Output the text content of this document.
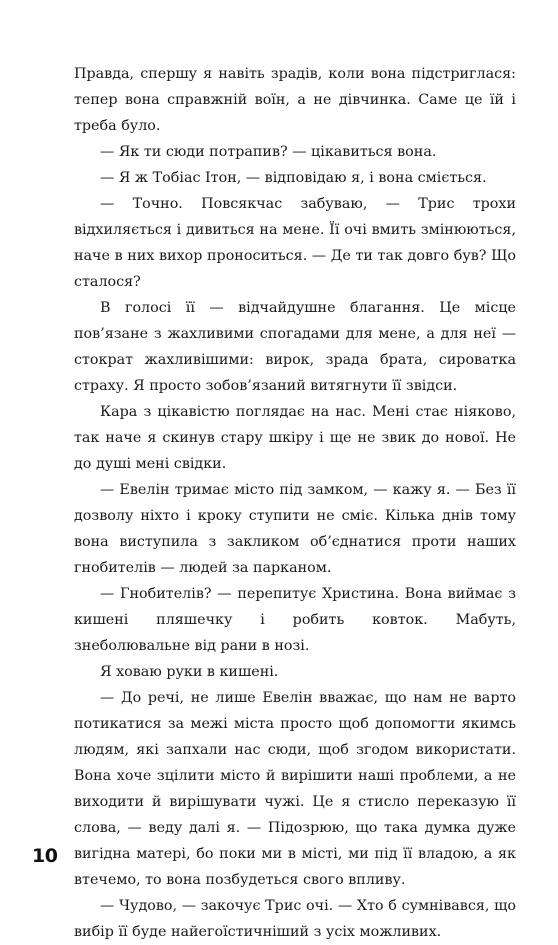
Правда, спершу я навіть зрадів, коли вона підстриглася: тепер вона справжній воїн, а не дівчинка. Саме це їй і треба було.

— Як ти сюди потрапив? — цікавиться вона.

— Я ж Тобіас Ітон, — відповідаю я, і вона сміється.

— Точно. Повсякчас забуваю, — Трис трохи відхиляється і дивиться на мене. Її очі вмить змінюються, наче в них вихор проноситься. — Де ти так довго був? Що сталося?

В голосі її — відчайдушне благання. Це місце пов’язане з жахливими спогадами для мене, а для неї — стократ жахливішими: вирок, зрада брата, сироватка страху. Я просто зобов’язаний витягнути її звідси.

Кара з цікавістю поглядає на нас. Мені стає ніяково, так наче я скинув стару шкіру і ще не звик до нової. Не до душі мені свідки.

— Евелін тримає місто під замком, — кажу я. — Без її дозволу ніхто і кроку ступити не сміє. Кілька днів тому вона виступила з закликом об’єднатися проти наших гнобителів — людей за парканом.

— Гнобителів? — перепитує Христина. Вона виймає з кишені пляшечку і робить ковток. Мабуть, знеболювальне від рани в нозі.

Я ховаю руки в кишені.

— До речі, не лише Евелін вважає, що нам не варто потикатися за межі міста просто щоб допомогти якимсь людям, які запхали нас сюди, щоб згодом використати. Вона хоче зцілити місто й вирішити наші проблеми, а не виходити й вирішувати чужі. Це я стисло переказую її слова, — веду далі я. — Підозрюю, що така думка дуже вигідна матері, бо поки ми в місті, ми під її владою, а як втечемо, то вона позбудеться свого впливу.

— Чудово, — закочує Трис очі. — Хто б сумнівався, що вибір її буде найегоїстичніший з усіх можливих.

10
